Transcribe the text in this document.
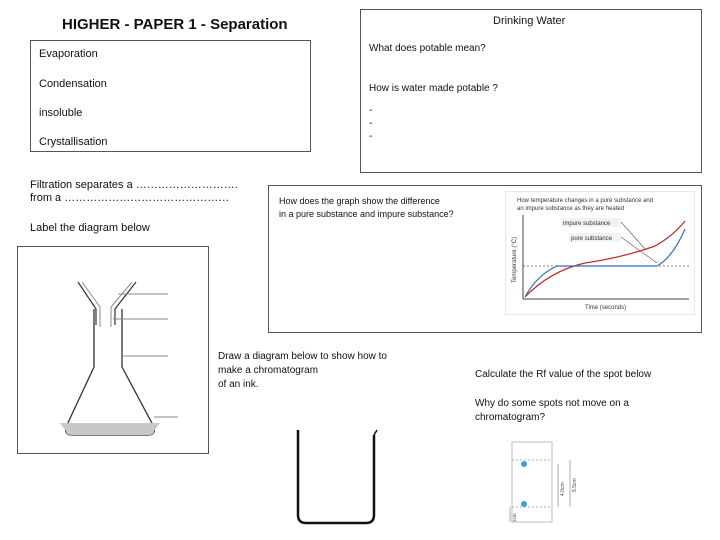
HIGHER - PAPER 1 - Separation
Evaporation
Condensation
insoluble
Crystallisation
Drinking Water
What does potable mean?
How is water made potable ?
-
-
-
Filtration separates a ……………………….
from a ………………………………………
Label the diagram below
How does the graph show the difference
in a pure substance and impure substance?
How temperature changes in a pure substance and
an impure substance as they are heated
impure substance
pure substance
Temperature (°C)
Time (seconds)
Draw a diagram below to show how to
make a chromatogram
of an ink.
Calculate the Rf value of the spot below
Why do some spots not move on a
chromatogram?
4.0cm 5.5cm
1cm
